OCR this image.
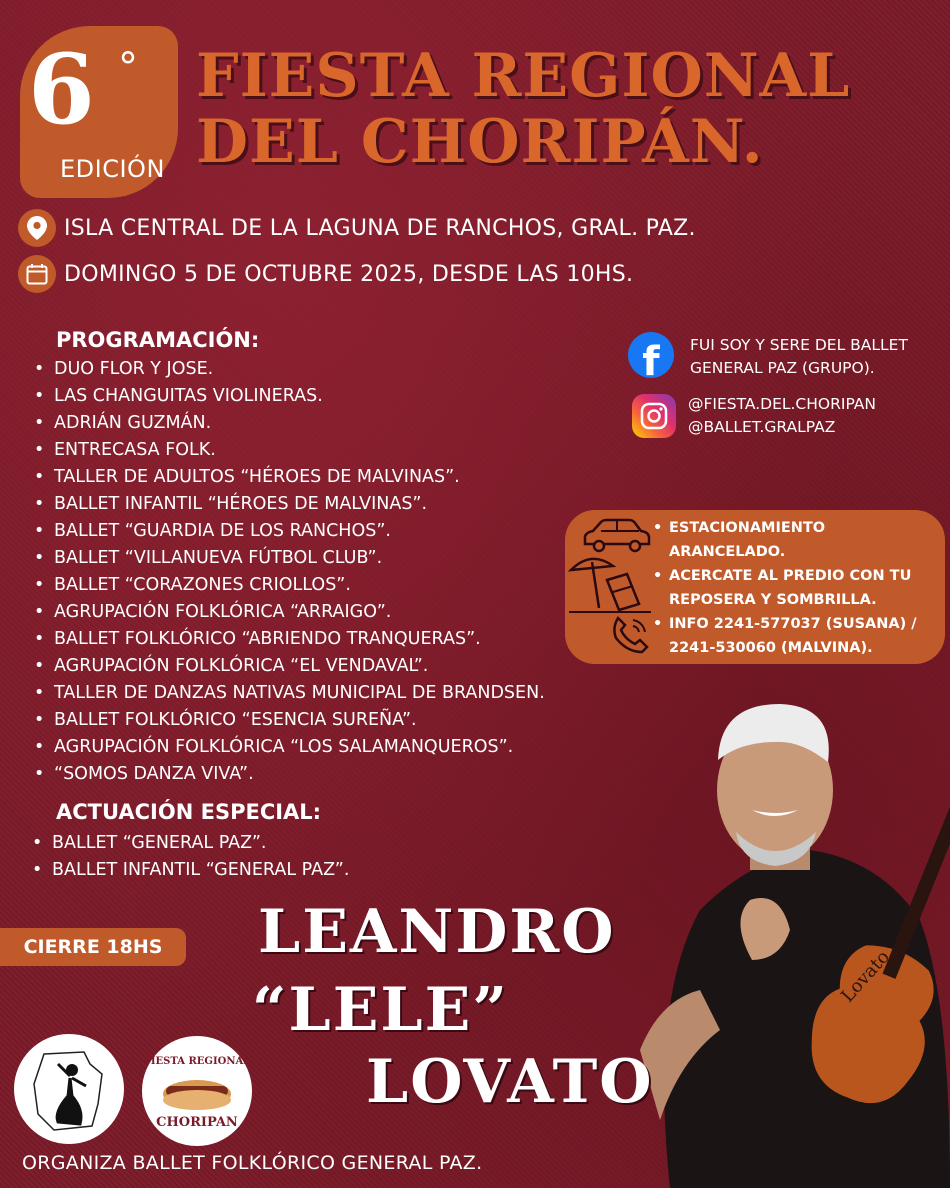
6 °
EDICIÓN
FIESTA REGIONAL
DEL CHORIPÁN.
ISLA CENTRAL DE LA LAGUNA DE RANCHOS, GRAL. PAZ.
DOMINGO 5 DE OCTUBRE 2025, DESDE LAS 10HS.
PROGRAMACIÓN:
• DUO FLOR Y JOSE.
• LAS CHANGUITAS VIOLINERAS.
• ADRIÁN GUZMÁN.
• ENTRECASA FOLK.
• TALLER DE ADULTOS “HÉROES DE MALVINAS”.
• BALLET INFANTIL “HÉROES DE MALVINAS”.
• BALLET “GUARDIA DE LOS RANCHOS”.
• BALLET “VILLANUEVA FÚTBOL CLUB”.
• BALLET “CORAZONES CRIOLLOS”.
• AGRUPACIÓN FOLKLÓRICA “ARRAIGO”.
• BALLET FOLKLÓRICO “ABRIENDO TRANQUERAS”.
• AGRUPACIÓN FOLKLÓRICA “EL VENDAVAL”.
• TALLER DE DANZAS NATIVAS MUNICIPAL DE BRANDSEN.
• BALLET FOLKLÓRICO “ESENCIA SUREÑA”.
• AGRUPACIÓN FOLKLÓRICA “LOS SALAMANQUEROS”.
• “SOMOS DANZA VIVA”.
ACTUACIÓN ESPECIAL:
• BALLET “GENERAL PAZ”.
• BALLET INFANTIL “GENERAL PAZ”.
f FUI SOY Y SERE DEL BALLET
GENERAL PAZ (GRUPO).
@FIESTA.DEL.CHORIPAN
@BALLET.GRALPAZ
• ESTACIONAMIENTO ARANCELADO.
• ACERCATE AL PREDIO CON TU REPOSERA Y SOMBRILLA.
• INFO 2241-577037 (SUSANA) / 2241-530060 (MALVINA).
Lovato
CIERRE 18HS	LEANDRO
“LELE”
LOVATO
FIESTA REGIONAL
CHORIPAN
ORGANIZA BALLET FOLKLÓRICO GENERAL PAZ.
